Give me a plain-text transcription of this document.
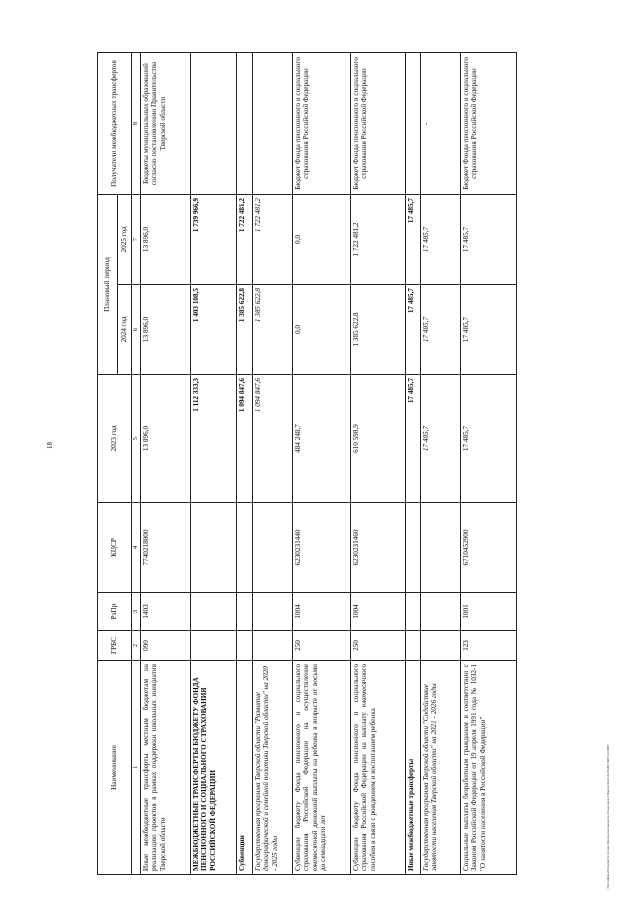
18
\\Fs01\мфин-db\бюджет\2-чтение\Документы\законопр\23\закондок\2\Нормат\2023\2023\МБТ\МБТ\р3\МБТ
Наименование	ГРБС	РзПр	КЦСР	2023 год	Плановый период		Получатели межбюджетных трансфертов
					2024 год	2025 год	
1	2	3	4	5	6	7	8
Иные межбюджетные трансферты местным бюджетам на реализацию проектов в рамках поддержки школьных инициатив Тверской области	090	1403	7740218000	13 896,0	13 896,0	13 896,0	Бюджеты муниципальных образований согласно постановлению Правительства Тверской области
МЕЖБЮДЖЕТНЫЕ ТРАНСФЕРТЫ БЮДЖЕТУ ФОНДА ПЕНСИОННОГО И СОЦИАЛЬНОГО СТРАХОВАНИЯ РОССИЙСКОЙ ФЕДЕРАЦИИ				1 112 333,3	1 403 108,5	1 739 966,9	
Субвенции				1 094 847,6	1 385 622,8	1 722 481,2	
Государственная программа Тверской области "Развитие демографической и семейной политики Тверской области" на 2020 - 2025 годы				1 094 847,6	1 385 622,8	1 722 481,2	
Субвенции бюджету Фонда пенсионного и социального страхования Российской Федерации на осуществление ежемесячной денежной выплаты на ребенка в возрасте от восьми до семнадцати лет	250	1004	6230231440	484 248,7	0,0	0,0	Бюджет Фонда пенсионного и социального страхования Российской Федерации
Субвенции бюджету Фонда пенсионного и социального страхования Российской Федерации на выплату ежемесячного пособия в связи с рождением и воспитанием ребенка	250	1004	6230231460	610 598,9	1 385 622,8	1 722 481,2	Бюджет Фонда пенсионного и социального страхования Российской Федерации
Иные межбюджетные трансферты				17 485,7	17 485,7	17 485,7	
Государственная программа Тверской области "Содействие занятости населения Тверской области" на 2021 - 2026 годы				17 485,7	17 485,7	17 485,7	-
Социальные выплаты безработным гражданам в соответствии с Законом Российской Федерации от 19 апреля 1991 года № 1032-1 "О занятости населения в Российской Федерации"	123	1001	6710452900	17 485,7	17 485,7	17 485,7	Бюджет Фонда пенсионного и социального страхования Российской Федерации
